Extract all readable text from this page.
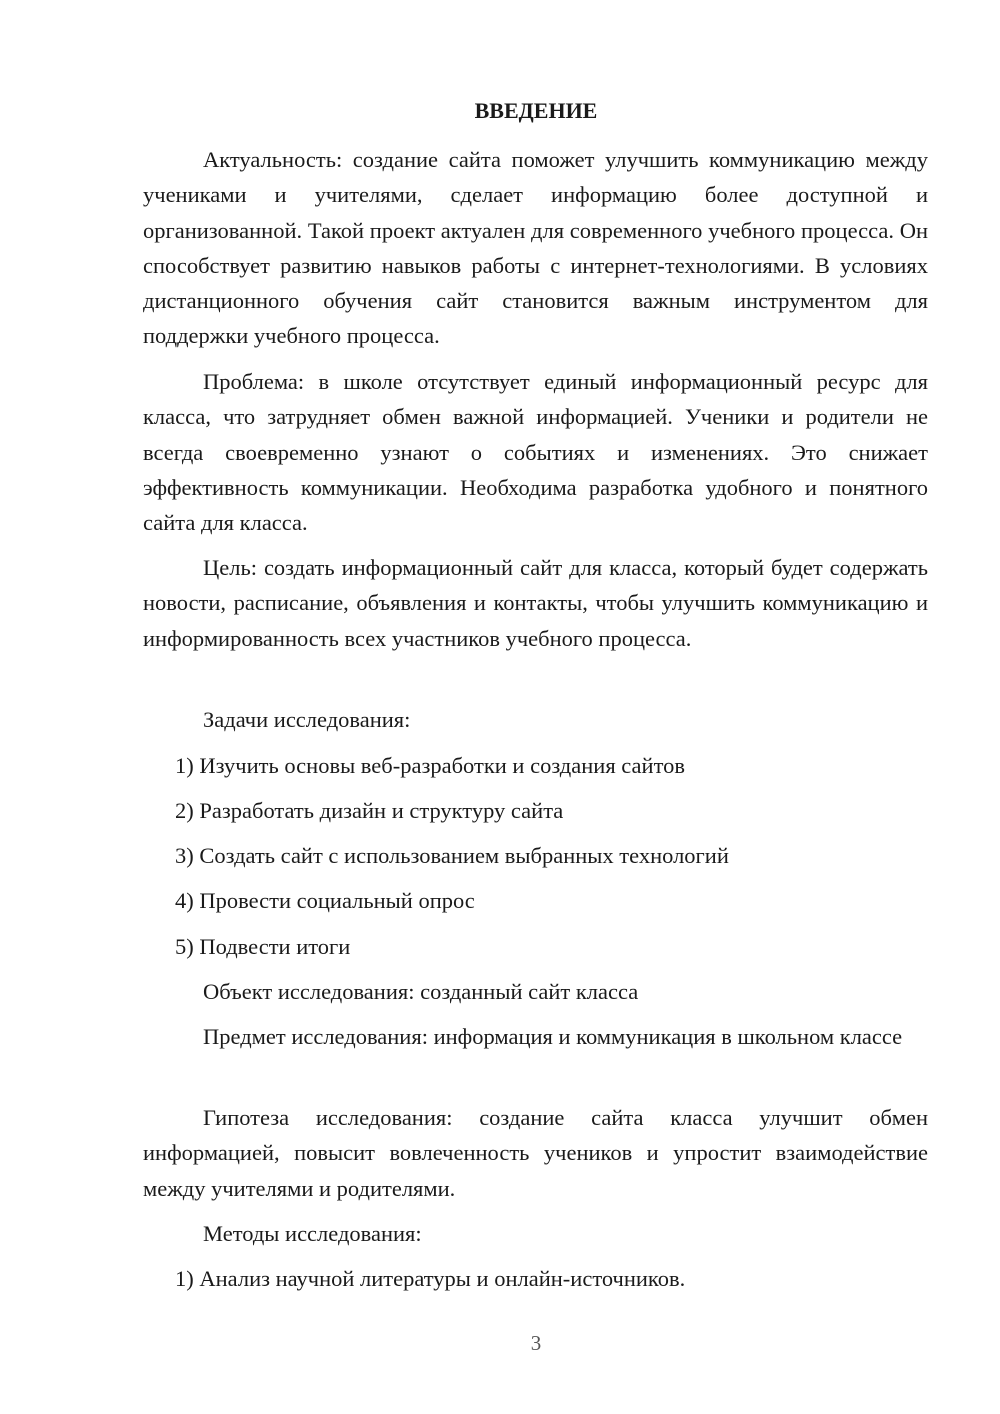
ВВЕДЕНИЕ

Актуальность: создание сайта поможет улучшить коммуникацию между учениками и учителями, сделает информацию более доступной и организованной. Такой проект актуален для современного учебного процесса. Он способствует развитию навыков работы с интернет-технологиями. В условиях дистанционного обучения сайт становится важным инструментом для поддержки учебного процесса.

Проблема: в школе отсутствует единый информационный ресурс для класса, что затрудняет обмен важной информацией. Ученики и родители не всегда своевременно узнают о событиях и изменениях. Это снижает эффективность коммуникации. Необходима разработка удобного и понятного сайта для класса.

Цель: создать информационный сайт для класса, который будет содержать новости, расписание, объявления и контакты, чтобы улучшить коммуникацию и информированность всех участников учебного процесса.

Задачи исследования:
1) Изучить основы веб-разработки и создания сайтов
2) Разработать дизайн и структуру сайта
3) Создать сайт с использованием выбранных технологий
4) Провести социальный опрос
5) Подвести итоги
Объект исследования: созданный сайт класса

Предмет исследования: информация и коммуникация в школьном классе

Гипотеза исследования: создание сайта класса улучшит обмен информацией, повысит вовлеченность учеников и упростит взаимодействие между учителями и родителями.

Методы исследования:
1) Анализ научной литературы и онлайн-источников.
3
